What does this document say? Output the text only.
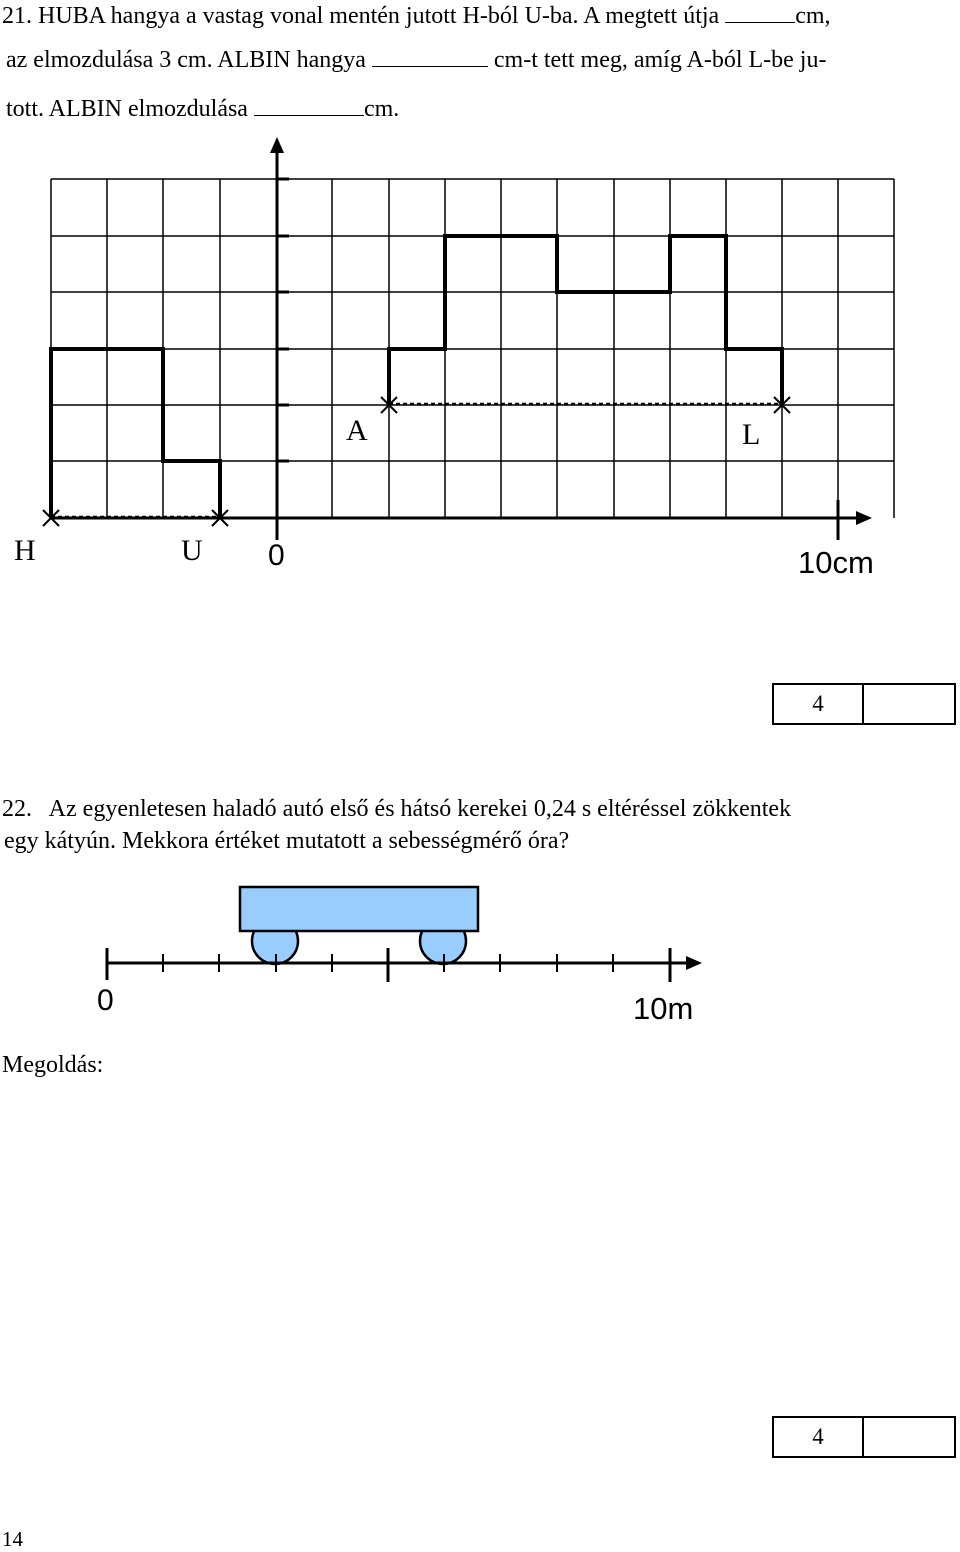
21. HUBA hangya a vastag vonal mentén jutott H-ból U-ba. A megtett útja	cm,
az elmozdulása 3 cm. ALBIN hangya	cm-t tett meg, amíg A-ból L-be ju-
tott. ALBIN elmozdulása	cm.
H	U
A	L
0	10cm
4
22.   Az egyenletesen haladó autó első és hátsó kerekei 0,24 s eltéréssel zökkentek
egy kátyún. Mekkora értéket mutatott a sebességmérő óra?
0	10m
Megoldás:
4
14
